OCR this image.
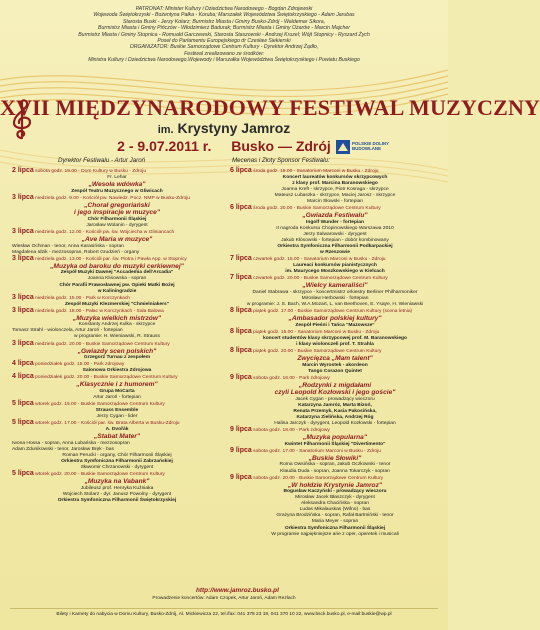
PATRONAT: Minister Kultury i Dziedzictwa Narodowego - Bogdan Zdrojewski
Wojewoda Świętokrzyski - Bożentyna Pałka - Koruba; Marszałek Województwa Świętokrzyskiego - Adam Jarubas
Starosta Buski - Jerzy Kolarz; Burmistrz Miasta i Gminy Busko-Zdrój - Waldemar Sikora,
Burmistrz Miasta i Gminy Pińczów - Włodzimierz Badurak; Burmistrz Miasta i Gminy Ożarów - Marcin Majcher
Burmistrz Miasta i Gminy Stopnica - Romuald Garczewski, Starosta Staszowski - Andrzej Kruzel; Wójt Stopnicy - Ryszard Żych
Poseł do Parlamentu Europejskiego dr Czesław Siekierski
ORGANIZATOR: Buskie Samorządowe Centrum Kultury - Dyrektor Andrzej Żądło,
Festiwal zrealizowano ze środków:
Ministra Kultury i Dziedzictwa Narodowego,Wojewody i Marszałka Województwa Świętokrzyskiego i Powiatu Buskiego
XVII MIĘDZYNARODOWY FESTIWAL MUZYCZNY
im. Krystyny Jamroz
2 - 9.07.2011 r. Busko — Zdrój
Dyrektor Festiwalu - Artur Jaroń	Mecenas i Złoty Sponsor Festiwalu:
POLSKIE DOLINY BUDOWLANE
2 lipca sobota godz. 19.00 - Dom Kultury w Busku - Zdroju
Fr. Lehar
„Wesoła wdówka"
Zespół Teatru Muzycznego w Gliwicach
3 lipca niedziela godz. 9.00 - Kościół pw. Nawiedz. Pocz. NMP w Busku-Zdroju
„Chorał gregoriański
i jego inspiracje w muzyce"
Chór Filharmonii Śląskiej
Jarosław Wolanin - dyrygent
3 lipca niedziela godz. 12.00 - Kościół pw. św. Wojciecha w Gliniancach
„Ave Maria w muzyce"
Wiesław Ochman - tenor, Anna Karasińska - sopran
Magdalena Idzik - mezzosopran, Robert Grudzień - organy
3 lipca niedziela godz. 13.00 - Kościół par. św. Piotra i Pawła App. w Stopnicy
„Muzyka od baroku do muzyki cerkiewnej"
Zespół Muzyki Dawnej "Accademia dell'Arcadia"
Joanna Klisowska - sopran
Chór Parafii Prawosławnej pw. Opieki Matki Bożej
w Kaliningradzie
3 lipca niedziela godz. 15.00 - Park w Korczynkach
Zespół Muzyki Klezmerskiej "Chmielniakers"
3 lipca niedziela godz. 18.00 - Pałac w Korczynkach - Sala Balowa
„Muzyka wielkich mistrzów"
Konstanty Andrzej Kulka - skrzypce
Tomasz Strahl - wiolonczela, Artur Jaroń - fortepian
w programie: H. Wieniawski, R. Strauss
3 lipca niedziela godz. 20.00 - Buskie Samorządowe Centrum Kultury
„Gwiazdy scen polskich"
Grzegorz Turnau z zespołem
4 lipca poniedziałek godz. 15.00 - Park zdrojowy
Salonowa Orkiestra Zdrojowa
4 lipca poniedziałek godz. 20.00 - Buskie Samorządowe Centrum Kultury
„Klasycznie i z humorem"
Grupa MoCarta
Artur Jaroń - fortepian
5 lipca wtorek godz. 15.00 - Buskie Samorządowe Centrum Kultury
Strauss Ensemble
Jerzy Cygan - lider
5 lipca wtorek godz. 17.00 - Kościół par. św. Brata Alberta w Busku-Zdroju
A. Dvořák
„Stabat Mater"
Iwona Hossa - sopran, Anna Lubańska - mezzosopran
Adam Zdunikowski - tenor, Jarosław Bręk - bas
Roman Perucki - organy, Chór Filharmonii Śląskiej
Orkiestra Symfoniczna Filharmonii Zabrzańskiej
Sławomir Chrzanowski - dyrygent
5 lipca wtorek godz. 20.00 - Buskie Samorządowe Centrum Kultury
„Muzyka na Vabank"
Jubileusz prof. Henryka Kuźniaka
Wojciech Stolarz - dyr. Janusz Powolny - dyrygent
Orkiestra Symfoniczna Filharmonii Świętokrzyskiej
6 lipca środa godz. 15.00 - Sanatorium Marconi w Busku - Zdroju
Koncert laureatów konkursów skrzypcowych
z klasy prof. Marcina Baranowskiego
Joanna Kreft - skrzypce, Piotr Kosraga - skrzypce
Mateusz Lubaszka - skrzypce, Maciej Jarosz - skrzypce
Marcin Słowski - fortepian
6 lipca środa godz. 20.00 - Buskie Samorządowe Centrum Kultury
„Gwiazda Festiwalu"
Ingolf Wunder - fortepian
II nagroda Konkursu Chopinowskiego Warszawa 2010
Jerzy Salwarowski - dyrygent
Jakub Kłósowski - fortepian - dobór kombinowany
Orkiestra Symfoniczna Filharmonii Podkarpackiej
w Rzeszowie
7 lipca czwartek godz. 15.00 - Sanatorium Marconi w Busku - Zdroju
Laureaci konkursów pianistycznych
im. Maurycego Moszkowskiego w Kielcach
7 lipca czwartek godz. 20.00 - Buskie Samorządowe Centrum Kultury
„Wielcy kameraliści"
Daniel Stabrawa - skrzypce - koncertmistrz orkiestry Berliner Philharmoniker
Mirosław Herbowski - fortepian
w programie: J. S. Bach, W.A.Mozart, L. van Beethoven, E. Ysaÿe, H. Wieniawski
8 lipca piątek godz. 17.00 - Buskie Samorządowe Centrum Kultury (scena letnia)
„Ambasador polskiej kultury"
Zespół Pieśni i Tańca "Mazowsze"
8 lipca piątek godz. 15.00 - Sanatorium Marconi w Busku - Zdroju
koncert studentów klasy skrzypcowej prof. M. Baranowskiego
i klasy wiolonczeli prof. T. Strahla
8 lipca piątek godz. 20.00 - Buskie Samorządowe Centrum Kultury
Zwycięzca „Mam talent"
Marcin Wyrostek - akordeon
Tango Corazon Quintet
9 lipca sobota godz. 16.00 - Park zdrojowy
„Rodzynki z migdałami
czyli Leopold Kozłowski i jego goście"
Jacek Cygan - prowadzący wieczoru
Katarzyna Jamróz, Marta Bizoń,
Renata Przemyk, Kasia Pakosińska,
Katarzyna Zielińska, Andrzej Róg
Halina Jarczyk - dyrygent, Leopold Kozłowski - fortepian
9 lipca sobota godz. 18.00 - Park zdrojowy
„Muzyka popularna"
Kwintet Filharmonii Śląskiej "Divertimento"
9 lipca sobota godz. 17.00 - Sanatorium Marconi w Busku - Zdroju
„Buskie Słowiki"
Roma Owsińska - sopran, Jakub Oczkowski - tenor
Klaudia Duda - sopran, Joanna Tokarczyk - sopran
9 lipca sobota godz. 20.00 - Buskie Samorządowe Centrum Kultury
„W hołdzie Krystynie Jamroz"
Bogusław Kaczyński - prowadzący wieczoru
Mirosław Jacek Błaszczyk - dyrygent
Aleksandra Chacińska - sopran
Ludas Mikalauskas (Wilno) - bas
Grażyna Brodzińska - sopran, Rafał Bartmiński - tenor
Maria Meyer - sopran
Orkiestra Symfoniczna Filharmonii Śląskiej
W programie najpiękniejsze arie z oper, operetek i musicali
http://www.jamroz.busko.pl
Prowadzenie koncertów: Adam Czopek, Artur Jaroń, Adam Rezlach
Bilety i Karnety do nabycia w Domu Kultury, Busko-Zdrój, Al. Mickiewicza 22, tel./fax: 041 378 23 19, 041 370 10 22, www.bsck.busko.pl, e-mail:buskie@wp.pl
